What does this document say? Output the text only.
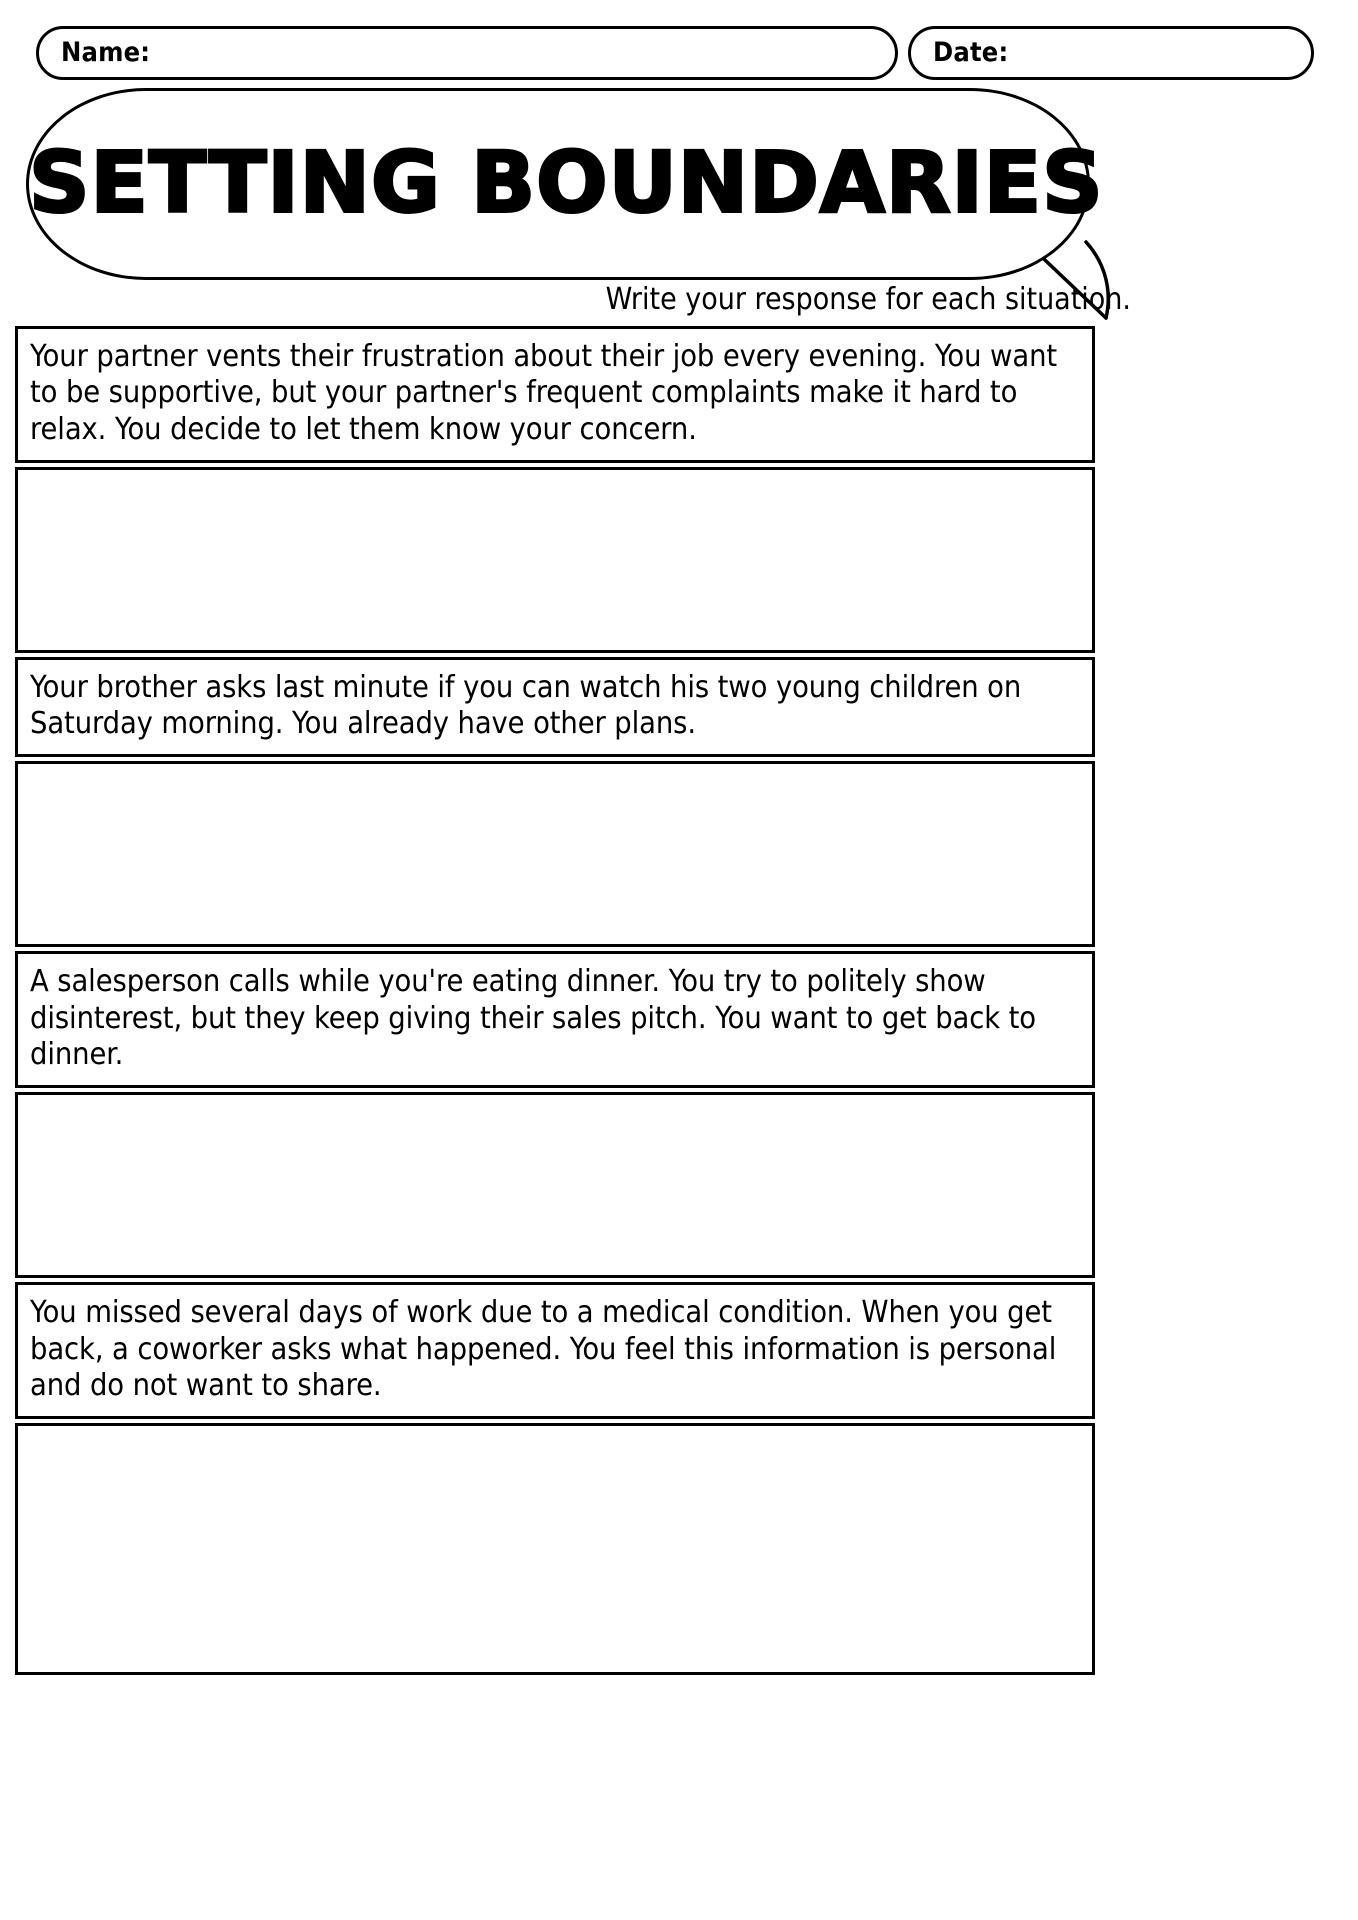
Name:	Date:
SETTING BOUNDARIES
Write your response for each situation.

Your partner vents their frustration about their job every evening. You want to be supportive, but your partner's frequent complaints make it hard to relax. You decide to let them know your concern.

Your brother asks last minute if you can watch his two young children on Saturday morning. You already have other plans.

A salesperson calls while you're eating dinner. You try to politely show disinterest, but they keep giving their sales pitch. You want to get back to dinner.

You missed several days of work due to a medical condition. When you get back, a coworker asks what happened. You feel this information is personal and do not want to share.
